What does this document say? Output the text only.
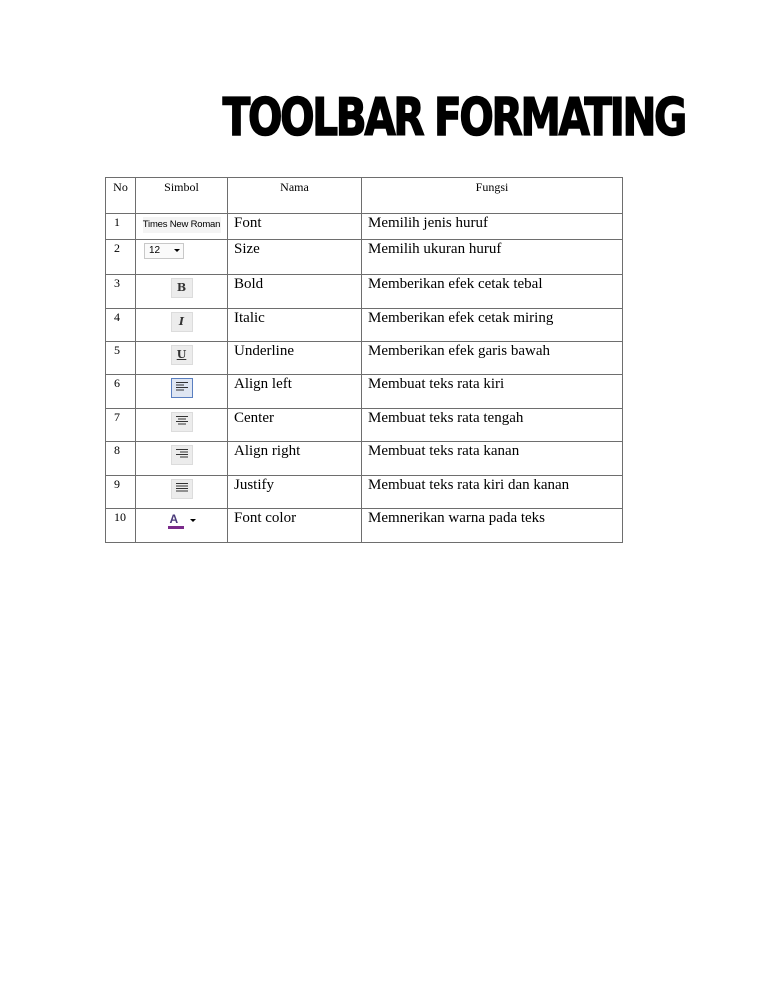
TOOLBAR FORMATING
No	Simbol	Nama	Fungsi
1	Times New Roman	Font	Memilih jenis huruf
2	12	Size	Memilih ukuran huruf
3	B	Bold	Memberikan efek cetak tebal
4	I	Italic	Memberikan efek cetak miring
5	U	Underline	Memberikan efek garis bawah
6		Align left	Membuat teks rata kiri
7		Center	Membuat teks rata tengah
8		Align right	Membuat teks rata kanan
9		Justify	Membuat teks rata kiri dan kanan
10	A	Font color	Memnerikan warna pada teks
